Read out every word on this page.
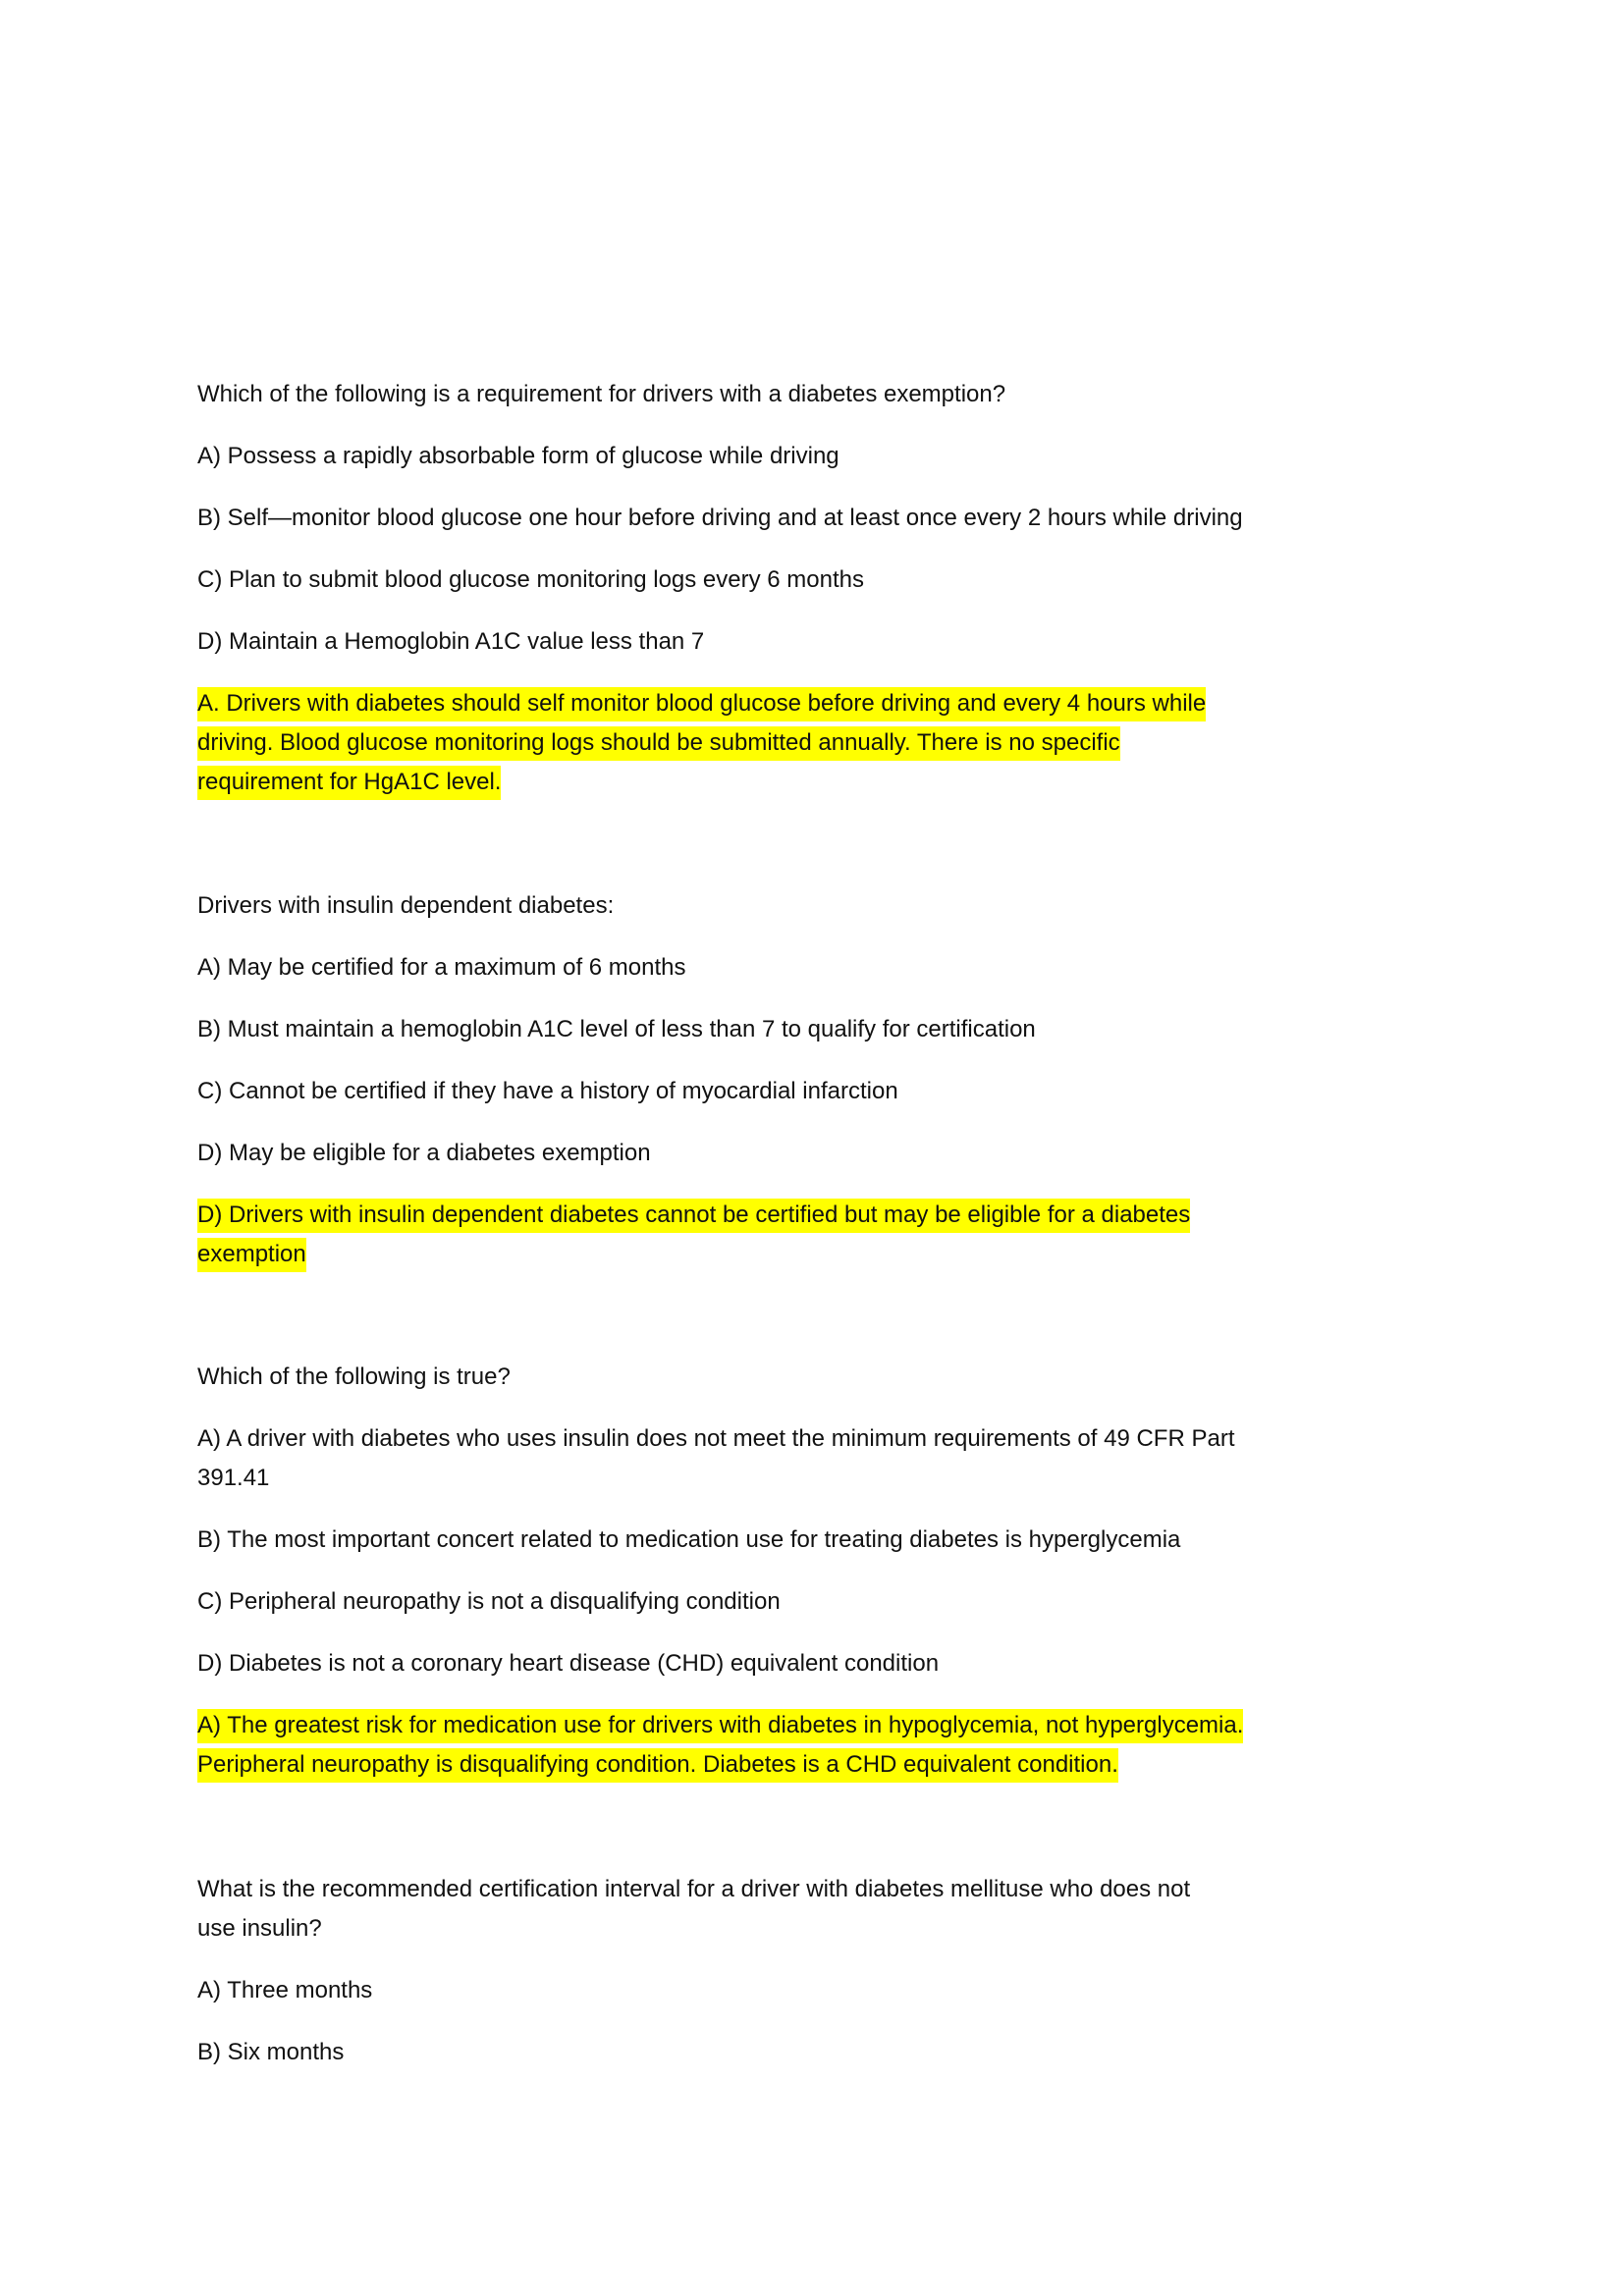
Which of the following is a requirement for drivers with a diabetes exemption?
A) Possess a rapidly absorbable form of glucose while driving
B) Self—monitor blood glucose one hour before driving and at least once every 2 hours while driving
C) Plan to submit blood glucose monitoring logs every 6 months
D) Maintain a Hemoglobin A1C value less than 7
A. Drivers with diabetes should self monitor blood glucose before driving and every 4 hours while
driving. Blood glucose monitoring logs should be submitted annually. There is no specific
requirement for HgA1C level.
Drivers with insulin dependent diabetes:
A) May be certified for a maximum of 6 months
B) Must maintain a hemoglobin A1C level of less than 7 to qualify for certification
C) Cannot be certified if they have a history of myocardial infarction
D) May be eligible for a diabetes exemption
D) Drivers with insulin dependent diabetes cannot be certified but may be eligible for a diabetes
exemption
Which of the following is true?
A) A driver with diabetes who uses insulin does not meet the minimum requirements of 49 CFR Part
391.41
B) The most important concert related to medication use for treating diabetes is hyperglycemia
C) Peripheral neuropathy is not a disqualifying condition
D) Diabetes is not a coronary heart disease (CHD) equivalent condition
A) The greatest risk for medication use for drivers with diabetes in hypoglycemia, not hyperglycemia.
Peripheral neuropathy is disqualifying condition. Diabetes is a CHD equivalent condition.
What is the recommended certification interval for a driver with diabetes mellituse who does not
use insulin?
A) Three months
B) Six months
